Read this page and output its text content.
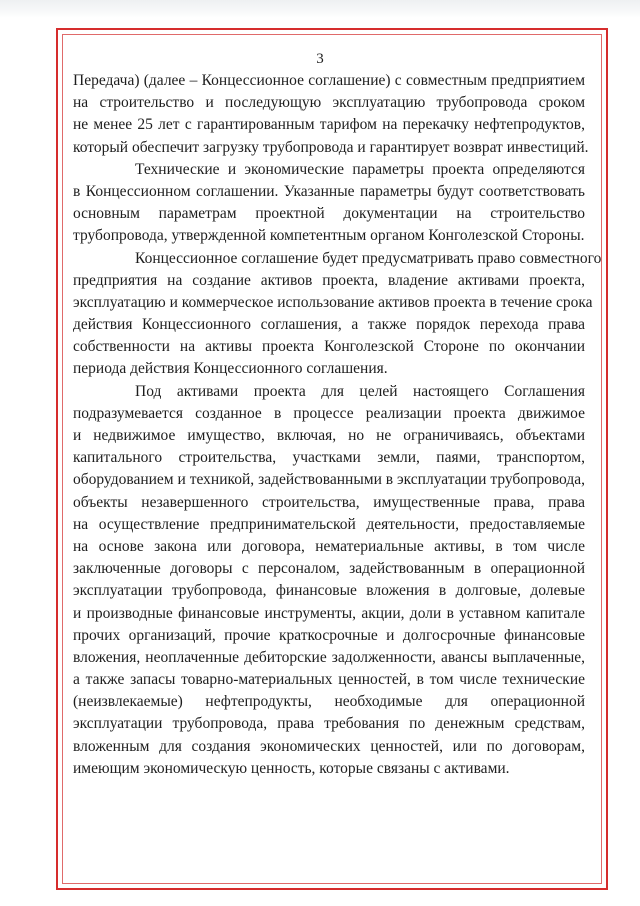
3
Передача) (далее – Концессионное соглашение) с совместным предприятием
на строительство и последующую эксплуатацию трубопровода сроком
не менее 25 лет с гарантированным тарифом на перекачку нефтепродуктов,
который обеспечит загрузку трубопровода и гарантирует возврат инвестиций.
Технические и экономические параметры проекта определяются
в Концессионном соглашении. Указанные параметры будут соответствовать
основным параметрам проектной документации на строительство
трубопровода, утвержденной компетентным органом Конголезской Стороны.
Концессионное соглашение будет предусматривать право совместного
предприятия на создание активов проекта, владение активами проекта,
эксплуатацию и коммерческое использование активов проекта в течение срока
действия Концессионного соглашения, а также порядок перехода права
собственности на активы проекта Конголезской Стороне по окончании
периода действия Концессионного соглашения.
Под активами проекта для целей настоящего Соглашения
подразумевается созданное в процессе реализации проекта движимое
и недвижимое имущество, включая, но не ограничиваясь, объектами
капитального строительства, участками земли, паями, транспортом,
оборудованием и техникой, задействованными в эксплуатации трубопровода,
объекты незавершенного строительства, имущественные права, права
на осуществление предпринимательской деятельности, предоставляемые
на основе закона или договора, нематериальные активы, в том числе
заключенные договоры с персоналом, задействованным в операционной
эксплуатации трубопровода, финансовые вложения в долговые, долевые
и производные финансовые инструменты, акции, доли в уставном капитале
прочих организаций, прочие краткосрочные и долгосрочные финансовые
вложения, неоплаченные дебиторские задолженности, авансы выплаченные,
а также запасы товарно-материальных ценностей, в том числе технические
(неизвлекаемые) нефтепродукты, необходимые для операционной
эксплуатации трубопровода, права требования по денежным средствам,
вложенным для создания экономических ценностей, или по договорам,
имеющим экономическую ценность, которые связаны с активами.
